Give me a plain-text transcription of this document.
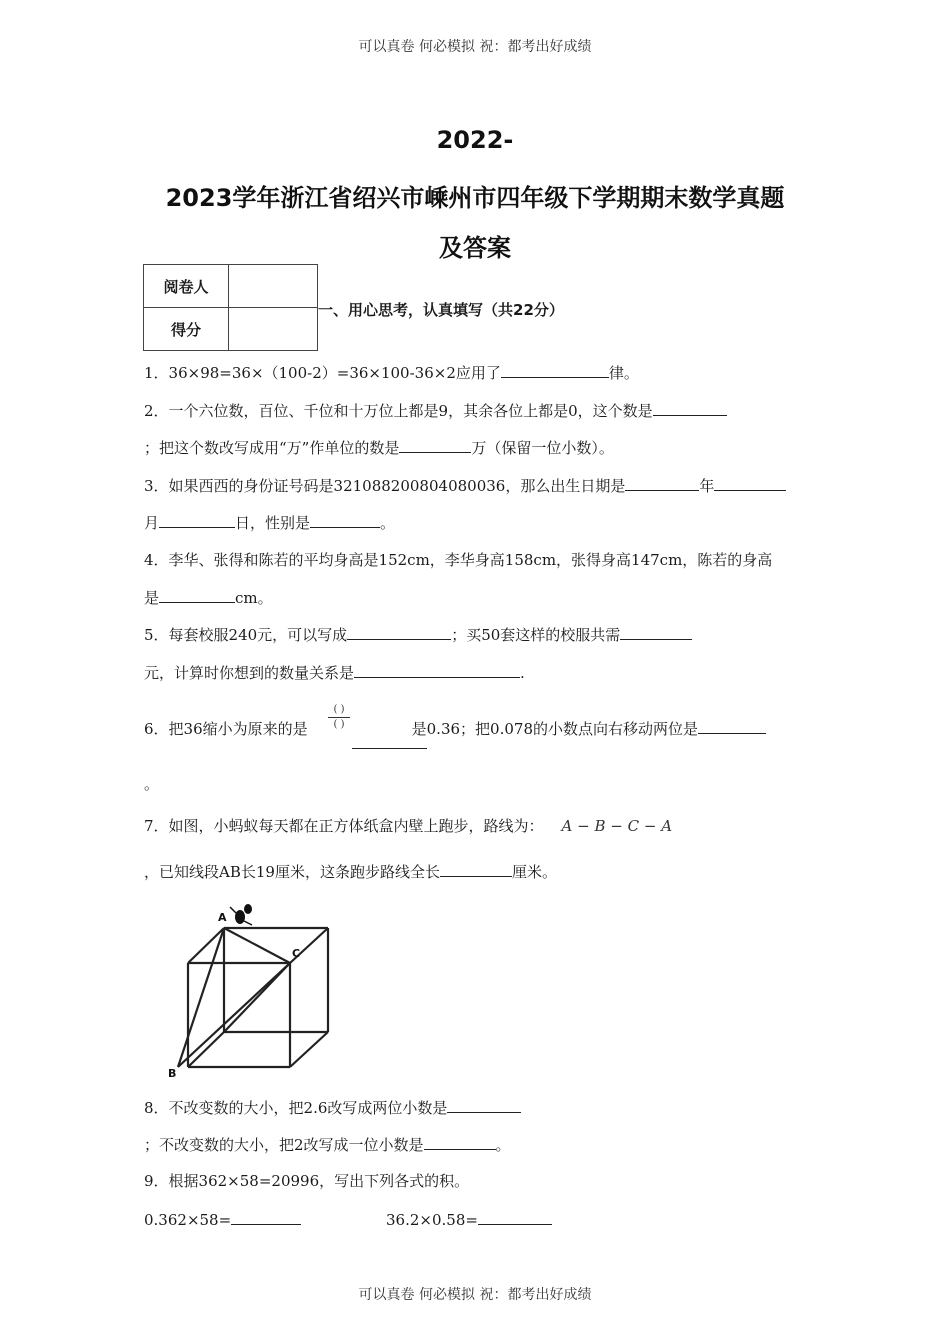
可以真卷 何必模拟 祝：都考出好成绩
2022-
2023学年浙江省绍兴市嵊州市四年级下学期期末数学真题
及答案
阅卷人	
得分	
一、用心思考，认真填写（共22分）
1．36×98=36×（100-2）=36×100-36×2应用了	律。
2．一个六位数，百位、千位和十万位上都是9，其余各位上都是0，这个数是
；把这个数改写成用“万”作单位的数是	万（保留一位小数）。
3．如果西西的身份证号码是321088200804080036，那么出生日期是	年
月	日，性别是	。
4．李华、张得和陈若的平均身高是152cm，李华身高158cm，张得身高147cm，陈若的身高
是	cm。
5．每套校服240元，可以写成	；买50套这样的校服共需
元，计算时你想到的数量关系是	.
6．把36缩小为原来的是	是0.36；把0.078的小数点向右移动两位是
( )
( )
。
7．如图，小蚂蚁每天都在正方体纸盒内壁上跑步，路线为： A − B − C − A
，已知线段AB长19厘米，这条跑步路线全长	厘米。
A
C
B
8．不改变数的大小，把2.6改写成两位小数是
；不改变数的大小，把2改写成一位小数是	。
9．根据362×58=20996，写出下列各式的积。
0.362×58=	36.2×0.58=
可以真卷 何必模拟 祝：都考出好成绩
